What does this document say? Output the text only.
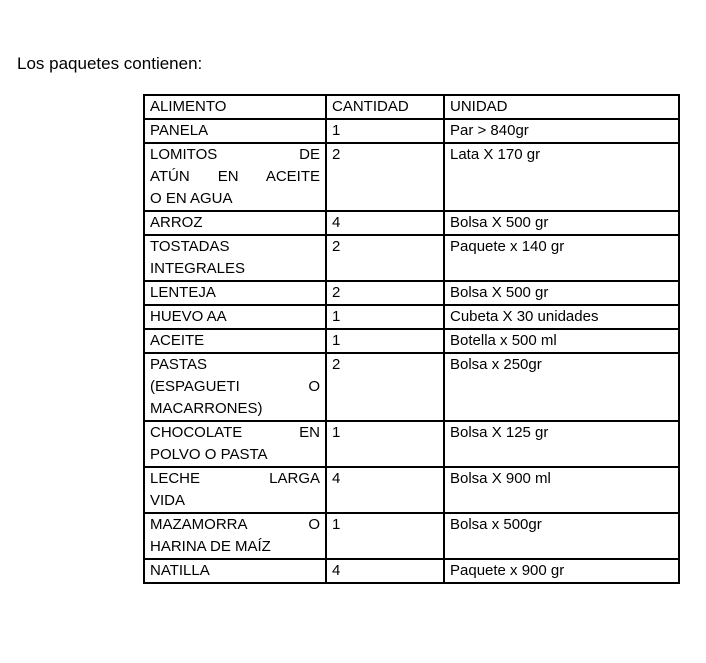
Los paquetes contienen:
ALIMENTO	CANTIDAD	UNIDAD

PANELA	1	Par > 840gr

LOMITOS DE
ATÚN EN ACEITE
O EN AGUA	2	Lata X 170 gr

ARROZ	4	Bolsa X 500 gr

TOSTADAS
INTEGRALES	2	Paquete x 140 gr

LENTEJA	2	Bolsa X 500 gr

HUEVO AA	1	Cubeta X 30 unidades

ACEITE	1	Botella x 500 ml

PASTAS
(ESPAGUETI O
MACARRONES)	2	Bolsa x 250gr

CHOCOLATE EN
POLVO O PASTA	1	Bolsa X 125 gr

LECHE LARGA
VIDA	4	Bolsa X 900 ml

MAZAMORRA O
HARINA DE MAÍZ	1	Bolsa x 500gr

NATILLA	4	Paquete x 900 gr
